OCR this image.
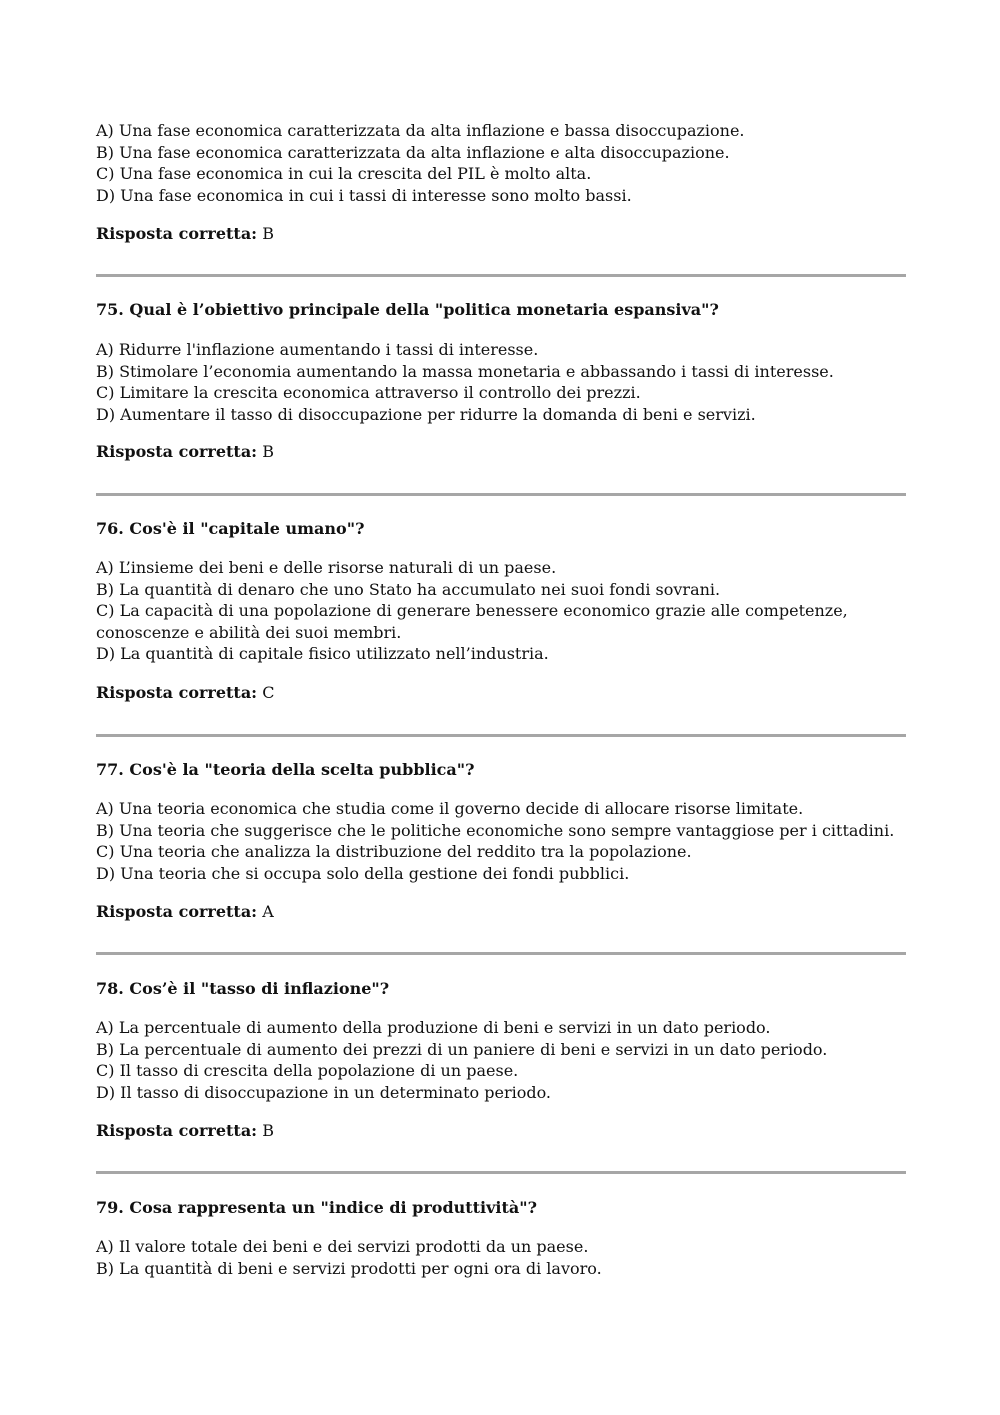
A) Una fase economica caratterizzata da alta inflazione e bassa disoccupazione.
B) Una fase economica caratterizzata da alta inflazione e alta disoccupazione.
C) Una fase economica in cui la crescita del PIL è molto alta.
D) Una fase economica in cui i tassi di interesse sono molto bassi.
Risposta corretta: B
75. Qual è l’obiettivo principale della "politica monetaria espansiva"?
A) Ridurre l'inflazione aumentando i tassi di interesse.
B) Stimolare l’economia aumentando la massa monetaria e abbassando i tassi di interesse.
C) Limitare la crescita economica attraverso il controllo dei prezzi.
D) Aumentare il tasso di disoccupazione per ridurre la domanda di beni e servizi.
Risposta corretta: B
76. Cos'è il "capitale umano"?
A) L’insieme dei beni e delle risorse naturali di un paese.
B) La quantità di denaro che uno Stato ha accumulato nei suoi fondi sovrani.
C) La capacità di una popolazione di generare benessere economico grazie alle competenze,
conoscenze e abilità dei suoi membri.
D) La quantità di capitale fisico utilizzato nell’industria.
Risposta corretta: C
77. Cos'è la "teoria della scelta pubblica"?
A) Una teoria economica che studia come il governo decide di allocare risorse limitate.
B) Una teoria che suggerisce che le politiche economiche sono sempre vantaggiose per i cittadini.
C) Una teoria che analizza la distribuzione del reddito tra la popolazione.
D) Una teoria che si occupa solo della gestione dei fondi pubblici.
Risposta corretta: A
78. Cos’è il "tasso di inflazione"?
A) La percentuale di aumento della produzione di beni e servizi in un dato periodo.
B) La percentuale di aumento dei prezzi di un paniere di beni e servizi in un dato periodo.
C) Il tasso di crescita della popolazione di un paese.
D) Il tasso di disoccupazione in un determinato periodo.
Risposta corretta: B
79. Cosa rappresenta un "indice di produttività"?
A) Il valore totale dei beni e dei servizi prodotti da un paese.
B) La quantità di beni e servizi prodotti per ogni ora di lavoro.
